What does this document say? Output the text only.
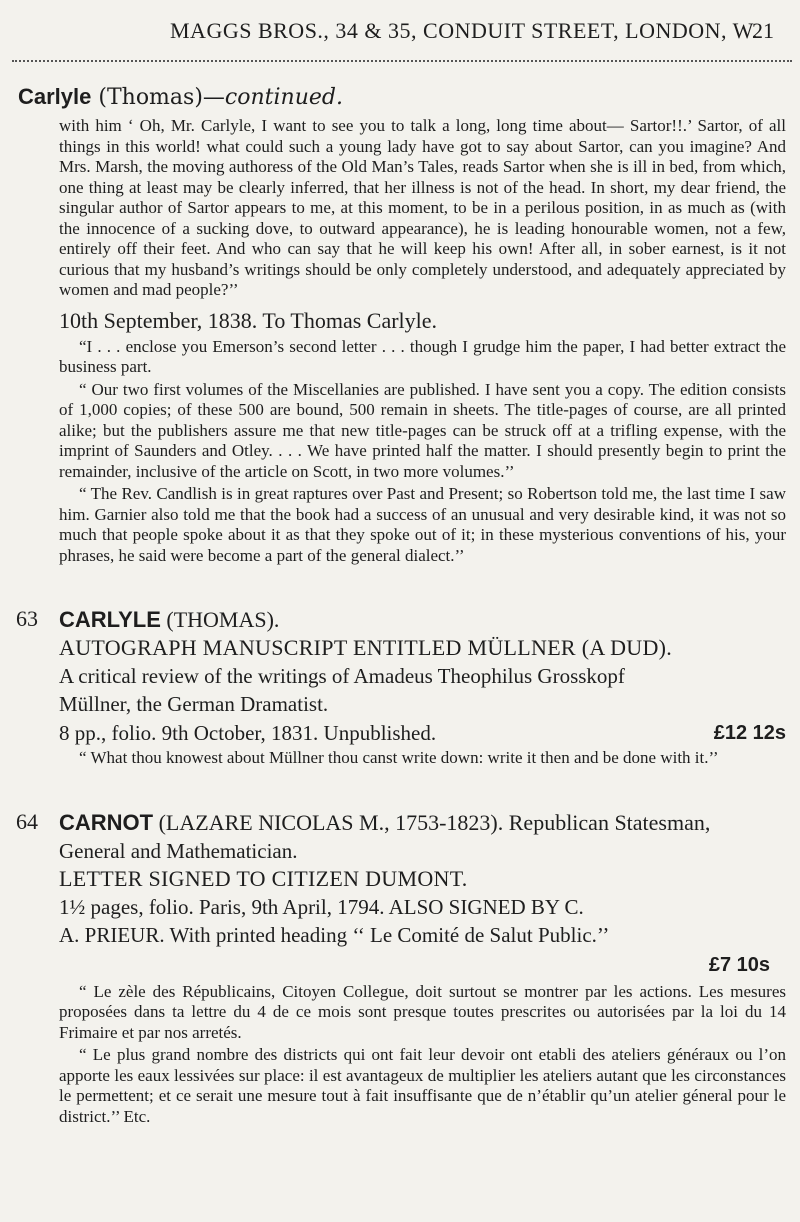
MAGGS BROS., 34 & 35, CONDUIT STREET, LONDON, W.
21
Carlyle (Thomas)—continued.

with him ‘ Oh, Mr. Carlyle, I want to see you to talk a long, long time about— Sartor!!.’ Sartor, of all things in this world! what could such a young lady have got to say about Sartor, can you imagine? And Mrs. Marsh, the moving authoress of the Old Man’s Tales, reads Sartor when she is ill in bed, from which, one thing at least may be clearly inferred, that her illness is not of the head. In short, my dear friend, the singular author of Sartor appears to me, at this moment, to be in a perilous position, in as much as (with the innocence of a sucking dove, to outward appearance), he is leading honourable women, not a few, entirely off their feet. And who can say that he will keep his own! After all, in sober earnest, is it not curious that my husband’s writings should be only completely understood, and adequately appreciated by women and mad people?’’

10th September, 1838. To Thomas Carlyle.

“I . . . enclose you Emerson’s second letter . . . though I grudge him the paper, I had better extract the business part.

“ Our two first volumes of the Miscellanies are published. I have sent you a copy. The edition consists of 1,000 copies; of these 500 are bound, 500 remain in sheets. The title-pages of course, are all printed alike; but the publishers assure me that new title-pages can be struck off at a trifling expense, with the imprint of Saunders and Otley. . . . We have printed half the matter. I should presently begin to print the remainder, inclusive of the article on Scott, in two more volumes.’’

“ The Rev. Candlish is in great raptures over Past and Present; so Robertson told me, the last time I saw him. Garnier also told me that the book had a success of an unusual and very desirable kind, it was not so much that people spoke about it as that they spoke out of it; in these mysterious conventions of his, your phrases, he said were become a part of the general dialect.’’

63 CARLYLE (THOMAS).
AUTOGRAPH MANUSCRIPT ENTITLED MÜLLNER (A DUD).
A critical review of the writings of Amadeus Theophilus Grosskopf
Müllner, the German Dramatist.
8 pp., folio. 9th October, 1831. Unpublished.	£12 12s

“ What thou knowest about Müllner thou canst write down: write it then and be done with it.’’

64 CARNOT (LAZARE NICOLAS M., 1753-1823). Republican Statesman,
General and Mathematician.
LETTER SIGNED TO CITIZEN DUMONT.
1½ pages, folio. Paris, 9th April, 1794. ALSO SIGNED BY C.
A. PRIEUR. With printed heading ‘‘ Le Comité de Salut Public.’’
£7 10s

“ Le zèle des Républicains, Citoyen Collegue, doit surtout se montrer par les actions. Les mesures proposées dans ta lettre du 4 de ce mois sont presque toutes prescrites ou autorisées par la loi du 14 Frimaire et par nos arretés.

“ Le plus grand nombre des districts qui ont fait leur devoir ont etabli des ateliers généraux ou l’on apporte les eaux lessivées sur place: il est avantageux de multiplier les ateliers autant que les circonstances le permettent; et ce serait une mesure tout à fait insuffisante que de n’établir qu’un atelier géneral pour le district.’’ Etc.
